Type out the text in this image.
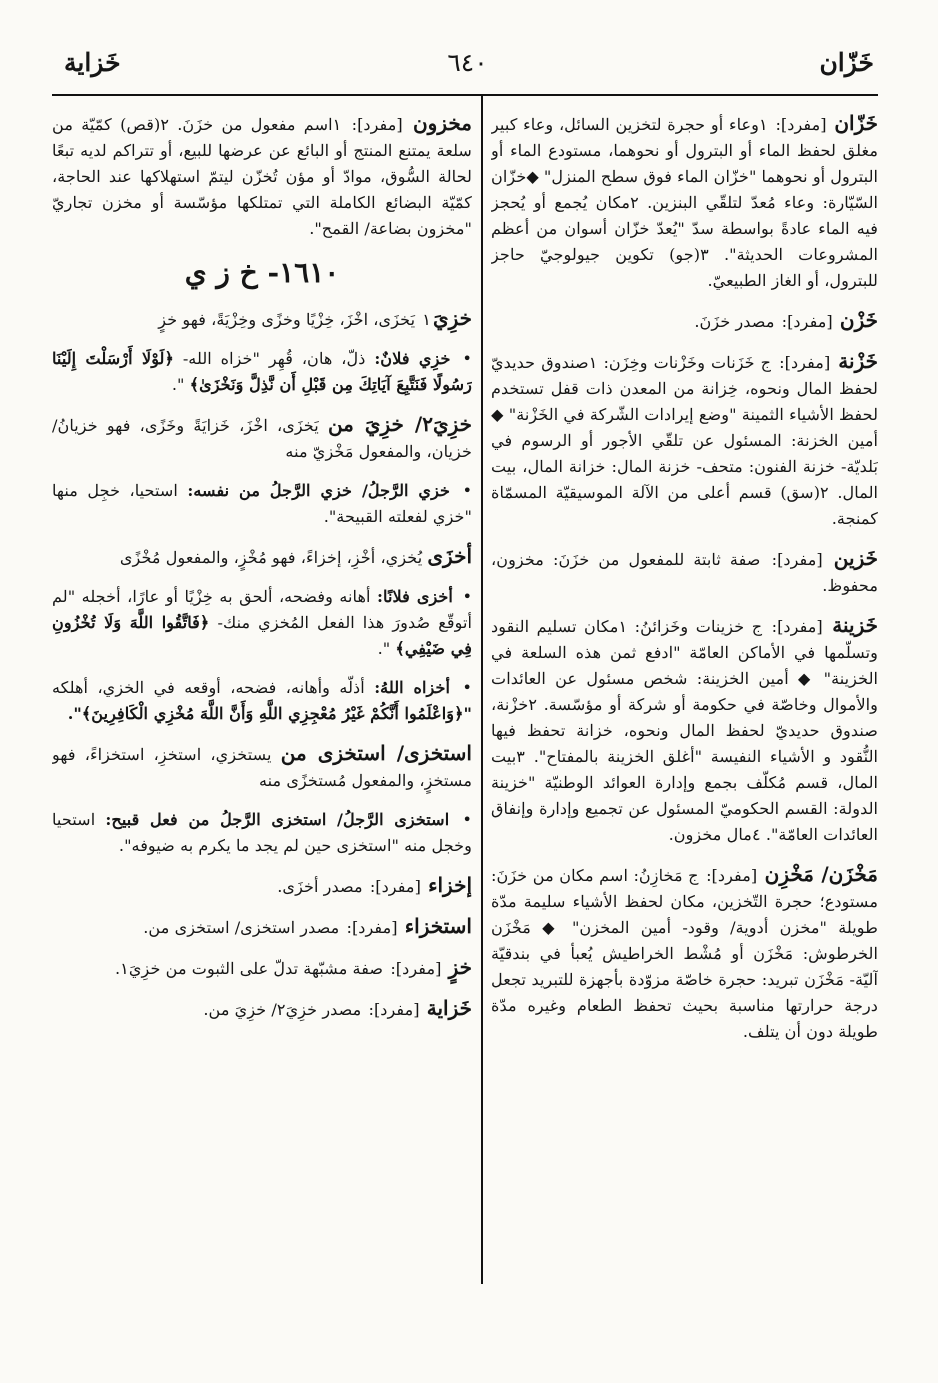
خَزّان
٦٤٠
خَزاية

خَزّان [مفرد]: ١وعاء أو حجرة لتخزين السائل، وعاء كبير مغلق لحفظ الماء أو البترول أو نحوهما، مستودع الماء أو البترول أو نحوهما "خزّان الماء فوق سطح المنزل" ◆خزّان السّيّارة: وعاء مُعدّ لتلقّي البنزين. ٢مكان يُجمع أو يُحجز فيه الماء عادةً بواسطة سدّ "يُعدّ خزّان أسوان من أعظم المشروعات الحديثة". ٣(جو) تكوين جيولوجيّ حاجز للبترول، أو الغاز الطبيعيّ.

خَزْن [مفرد]: مصدر خزَنَ.

خَزْنة [مفرد]: ج خَزَنات وخَزْنات وخِزَن: ١صندوق حديديّ لحفظ المال ونحوه، خِزانة من المعدن ذات قفل تستخدم لحفظ الأشياء الثمينة "وضع إيرادات الشّركة في الخَزْنة" ◆ أمين الخزنة: المسئول عن تلقّي الأجور أو الرسوم في بَلديّة- خزنة الفنون: متحف- خزنة المال: خزانة المال، بيت المال. ٢(سق) قسم أعلى من الآلة الموسيقيّة المسمّاة كمنجة.

خَزين [مفرد]: صفة ثابتة للمفعول من خزَنَ: مخزون، محفوظ.

خَزينة [مفرد]: ج خزينات وخَزائنُ: ١مكان تسليم النقود وتسلّمها في الأماكن العامّة "ادفع ثمن هذه السلعة في الخزينة" ◆ أمين الخزينة: شخص مسئول عن العائدات والأموال وخاصّة في حكومة أو شركة أو مؤسّسة. ٢خزْنة، صندوق حديديّ لحفظ المال ونحوه، خزانة تحفظ فيها النُّقود و الأشياء النفيسة "أغلق الخزينة بالمفتاح". ٣بيت المال، قسم مُكلّف بجمع وإدارة العوائد الوطنيّة "خزينة الدولة: القسم الحكوميّ المسئول عن تجميع وإدارة وإنفاق العائدات العامّة". ٤مال مخزون.

مَخْزَن/ مَخْزِن [مفرد]: ج مَخازِنُ: اسم مكان من خزَنَ: مستودع؛ حجرة التّخزين، مكان لحفظ الأشياء سليمة مدّة طويلة "مخزن أدوية/ وقود- أمين المخزن" ◆ مَخْزَن الخرطوش: مَخْزَن أو مُشْط الخراطيش يُعبأ في بندقيّة آليّة- مَخْزَن تبريد: حجرة خاصّة مزوّدة بأجهزة للتبريد تجعل درجة حرارتها مناسبة بحيث تحفظ الطعام وغيره مدّة طويلة دون أن يتلف.

مخزون [مفرد]: ١اسم مفعول من خزَنَ. ٢(قص) كمّيّة من سلعة يمتنع المنتج أو البائع عن عرضها للبيع، أو تتراكم لديه تبعًا لحالة السُّوق، موادّ أو مؤن تُخزّن ليتمّ استهلاكها عند الحاجة، كمّيّة البضائع الكاملة التي تمتلكها مؤسّسة أو مخزن تجاريّ "مخزون بضاعة/ القمح".

١٦١٠- خ ز ي

خزِيَ١ يَخزَى، اخْزَ، خِزْيًا وخزًى وخِزْيَةً، فهو خزٍ

• خزِي فلانٌ: ذلّ، هان، قُهِر "خزاه الله- ﴿لَوْلَا أَرْسَلْتَ إِلَيْنَا رَسُولًا فَنَتَّبِعَ آيَاتِكَ مِن قَبْلِ أَن نَّذِلَّ وَنَخْزَىٰ﴾ ".

خزِيَ٢/ خزِيَ من يَخزَى، اخْزَ، خَزايَةً وخَزًى، فهو خزيانُ/خزيان، والمفعول مَخْزيّ منه

• خزي الرَّجلُ/ خزي الرَّجلُ من نفسه: استحيا، خجِل منها "خزي لفعلته القبيحة".

أخزَى يُخزي، أخْزِ، إخزاءً، فهو مُخْزٍ، والمفعول مُخْزًى

• أخزى فلانًا: أهانه وفضحه، ألحق به خِزْيًا أو عارًا، أخجله "لم أتوقّع صُدورَ هذا الفعل المُخزي منك- ﴿فَاتَّقُوا اللَّهَ وَلَا تُخْزُونِ فِي ضَيْفِي﴾ ".

• أخزاه اللهُ: أذلّه وأهانه، فضحه، أوقعه في الخزي، أهلكه "﴿وَاعْلَمُوا أَنَّكُمْ غَيْرُ مُعْجِزِي اللَّهِ وَأَنَّ اللَّهَ مُخْزِي الْكَافِرِينَ﴾".

استخزى/ استخزى من يستخزي، استخزِ، استخزاءً، فهو مستخزٍ، والمفعول مُستخزًى منه

• استخزى الرَّجلُ/ استخزى الرَّجلُ من فعل قبيح: استحيا وخجل منه "استخزى حين لم يجد ما يكرم به ضيوفه".

إخزاء [مفرد]: مصدر أخزَى.

استخزاء [مفرد]: مصدر استخزى/ استخزى من.

خزٍ [مفرد]: صفة مشبّهة تدلّ على الثبوت من خزِيَ١.

خَزاية [مفرد]: مصدر خزِيَ٢/ خزِيَ من.
